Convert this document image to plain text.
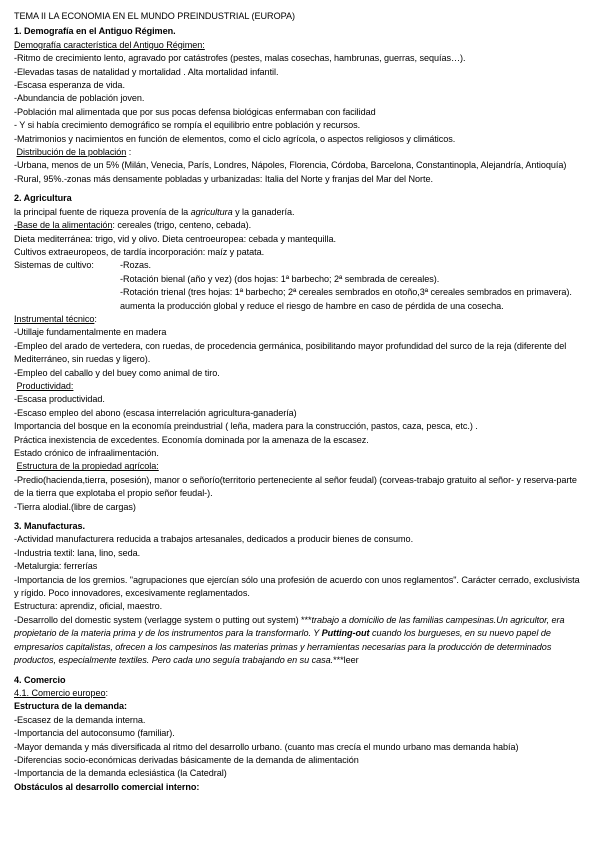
TEMA II LA ECONOMIA EN EL MUNDO PREINDUSTRIAL (EUROPA)
1. Demografía en el Antiguo Régimen.
Demografía característica del Antiguo Régimen:
-Ritmo de crecimiento lento, agravado por catástrofes (pestes, malas cosechas, hambrunas, guerras, sequías…).
-Elevadas tasas de natalidad y mortalidad . Alta mortalidad infantil.
-Escasa esperanza de vida.
-Abundancia de población joven.
-Población mal alimentada que por sus pocas defensa biológicas enfermaban con facilidad
- Y si había crecimiento demográfico se rompía el equilibrio entre población y recursos.
-Matrimonios y nacimientos en función de elementos, como el ciclo agrícola, o aspectos religiosos y climáticos.
Distribución de la población :
-Urbana, menos de un 5% (Milán, Venecia, París, Londres, Nápoles, Florencia, Córdoba, Barcelona, Constantinopla, Alejandría, Antioquía)
-Rural, 95%.-zonas más densamente pobladas y urbanizadas: Italia del Norte y franjas del Mar del Norte.
2. Agricultura
la principal fuente de riqueza provenía de la agricultura y la ganadería.
-Base de la alimentación: cereales (trigo, centeno, cebada).
Dieta mediterránea: trigo, vid y olivo. Dieta centroeuropea: cebada y mantequilla.
Cultivos extraeuropeos, de tardía incorporación: maíz y patata.
Sistemas de cultivo:	-Rozas.
-Rotación bienal (año y vez) (dos hojas: 1ª barbecho; 2ª sembrada de cereales).
-Rotación trienal (tres hojas: 1ª barbecho; 2ª cereales sembrados en otoño,3ª cereales sembrados en primavera). aumenta la producción global y reduce el riesgo de hambre en caso de pérdida de una cosecha.
Instrumental técnico:
-Utillaje fundamentalmente en madera
-Empleo del arado de vertedera, con ruedas, de procedencia germánica, posibilitando mayor profundidad del surco de la reja (diferente del Mediterráneo, sin ruedas y ligero).
-Empleo del caballo y del buey como animal de tiro.
Productividad:
-Escasa productividad.
-Escaso empleo del abono (escasa interrelación agricultura-ganadería)
Importancia del bosque en la economía preindustrial ( leña, madera para la construcción, pastos, caza, pesca, etc.) .
Práctica inexistencia de excedentes. Economía dominada por la amenaza de la escasez.
Estado crónico de infraalimentación.
Estructura de la propiedad agrícola:
-Predio(hacienda,tierra, posesión), manor o señorío(territorio perteneciente al señor feudal) (corveas-trabajo gratuito al señor- y reserva-parte de la tierra que explotaba el propio señor feudal-).
-Tierra alodial.(libre de cargas)
3. Manufacturas.
-Actividad manufacturera reducida a trabajos artesanales, dedicados a producir bienes de consumo.
-Industria textil: lana, lino, seda.
-Metalurgia: ferrerías
-Importancia de los gremios. "agrupaciones que ejercían sólo una profesión de acuerdo con unos reglamentos". Carácter cerrado, exclusivista y rígido. Poco innovadores, excesivamente reglamentados.
Estructura: aprendiz, oficial, maestro.
-Desarrollo del domestic system (verlagge system o putting out system) ***trabajo a domicilio de las familias campesinas.Un agricultor, era propietario de la materia prima y de los instrumentos para la transformarlo. Y Putting-out cuando los burgueses, en su nuevo papel de empresarios capitalistas, ofrecen a los campesinos las materias primas y herramientas necesarias para la producción de determinados productos, especialmente textiles. Pero cada uno seguía trabajando en su casa.***leer
4. Comercio
4.1. Comercio europeo:
Estructura de la demanda:
-Escasez de la demanda interna.
-Importancia del autoconsumo (familiar).
-Mayor demanda y más diversificada al ritmo del desarrollo urbano. (cuanto mas crecía el mundo urbano mas demanda había)
-Diferencias socio-económicas derivadas básicamente de la demanda de alimentación
-Importancia de la demanda eclesiástica (la Catedral)
Obstáculos al desarrollo comercial interno:
